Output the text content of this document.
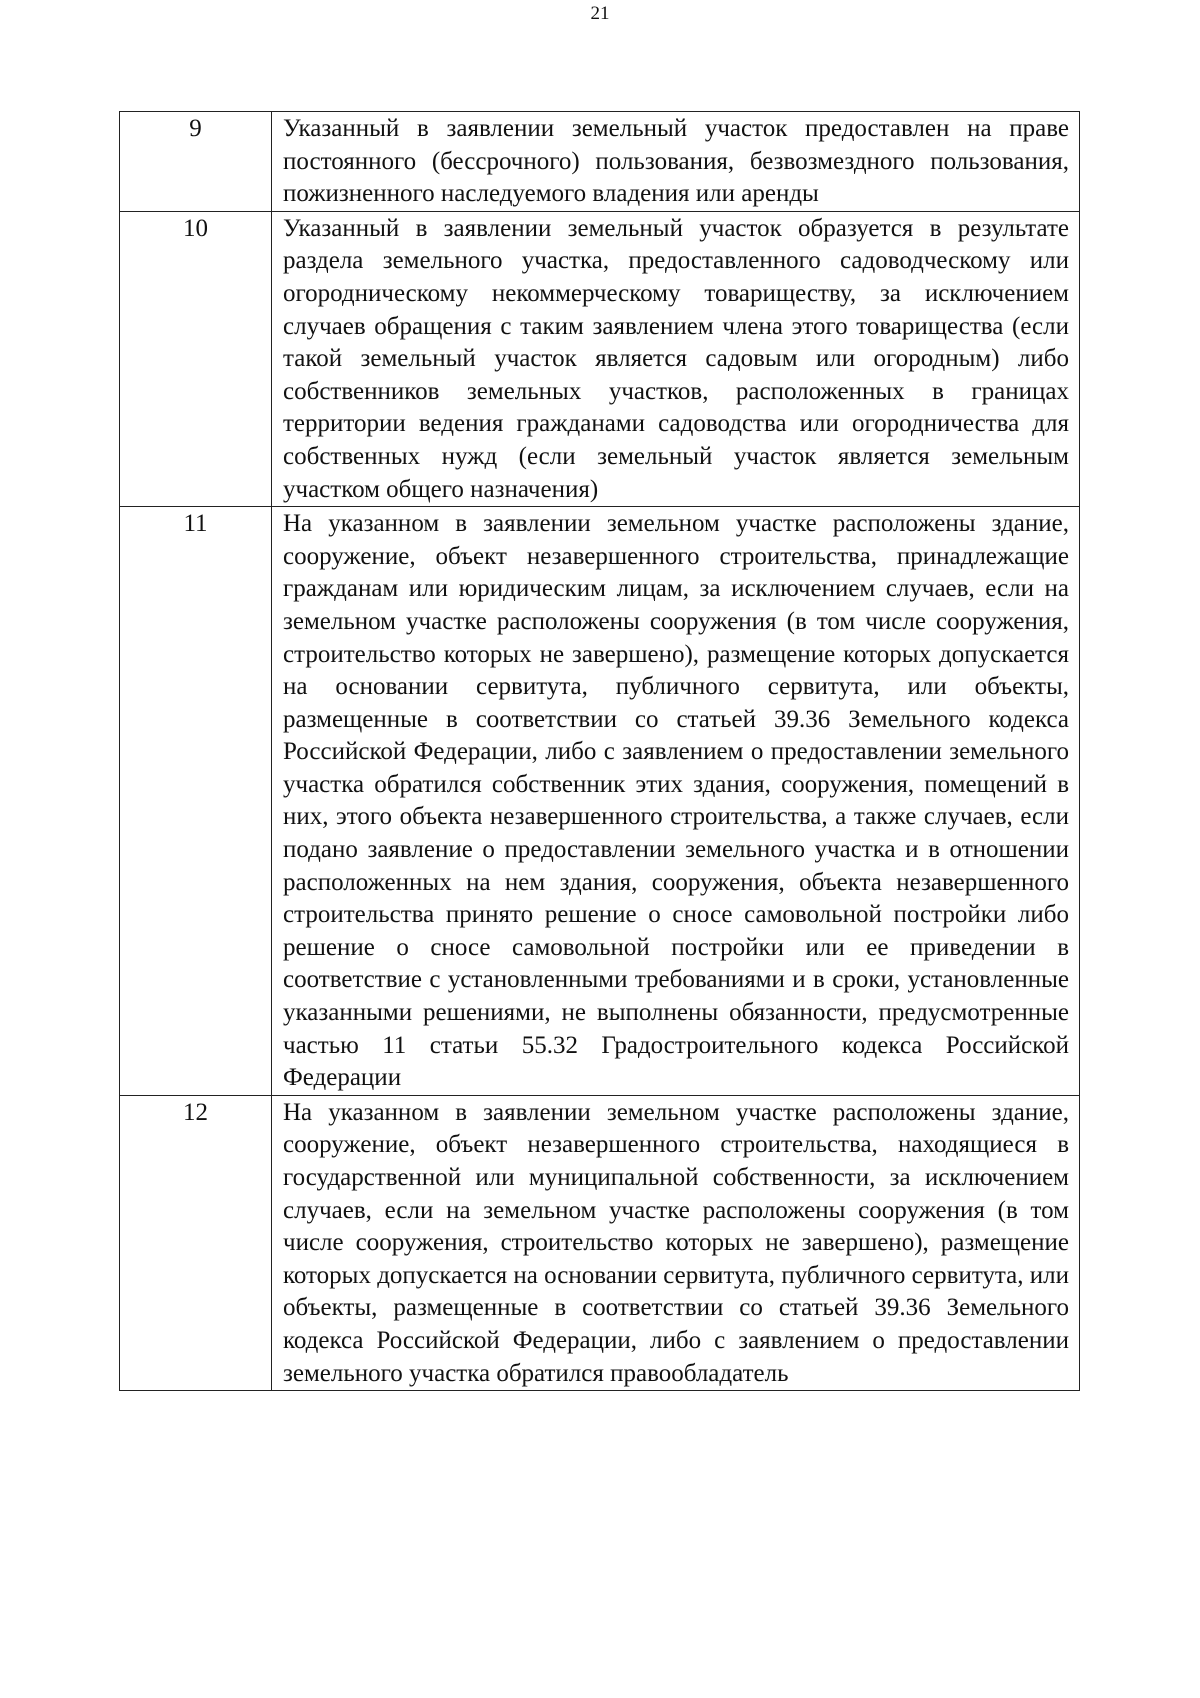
21
9	Указанный в заявлении земельный участок предоставлен на праве постоянного (бессрочного) пользования, безвозмездного пользования, пожизненного наследуемого владения или аренды
10	Указанный в заявлении земельный участок образуется в результате раздела земельного участка, предоставленного садоводческому или огородническому некоммерческому товариществу, за исключением случаев обращения с таким заявлением члена этого товарищества (если такой земельный участок является садовым или огородным) либо собственников земельных участков, расположенных в границах территории ведения гражданами садоводства или огородничества для собственных нужд (если земельный участок является земельным участком общего назначения)
11	На указанном в заявлении земельном участке расположены здание, сооружение, объект незавершенного строительства, принадлежащие гражданам или юридическим лицам, за исключением случаев, если на земельном участке расположены сооружения (в том числе сооружения, строительство которых не завершено), размещение которых допускается на основании сервитута, публичного сервитута, или объекты, размещенные в соответствии со статьей 39.36 Земельного кодекса Российской Федерации, либо с заявлением о предоставлении земельного участка обратился собственник этих здания, сооружения, помещений в них, этого объекта незавершенного строительства, а также случаев, если подано заявление о предоставлении земельного участка и в отношении расположенных на нем здания, сооружения, объекта незавершенного строительства принято решение о сносе самовольной постройки либо решение о сносе самовольной постройки или ее приведении в соответствие с установленными требованиями и в сроки, установленные указанными решениями, не выполнены обязанности, предусмотренные частью 11 статьи 55.32 Градостроительного кодекса Российской Федерации
12	На указанном в заявлении земельном участке расположены здание, сооружение, объект незавершенного строительства, находящиеся в государственной или муниципальной собственности, за исключением случаев, если на земельном участке расположены сооружения (в том числе сооружения, строительство которых не завершено), размещение которых допускается на основании сервитута, публичного сервитута, или объекты, размещенные в соответствии со статьей 39.36 Земельного кодекса Российской Федерации, либо с заявлением о предоставлении земельного участка обратился правообладатель
